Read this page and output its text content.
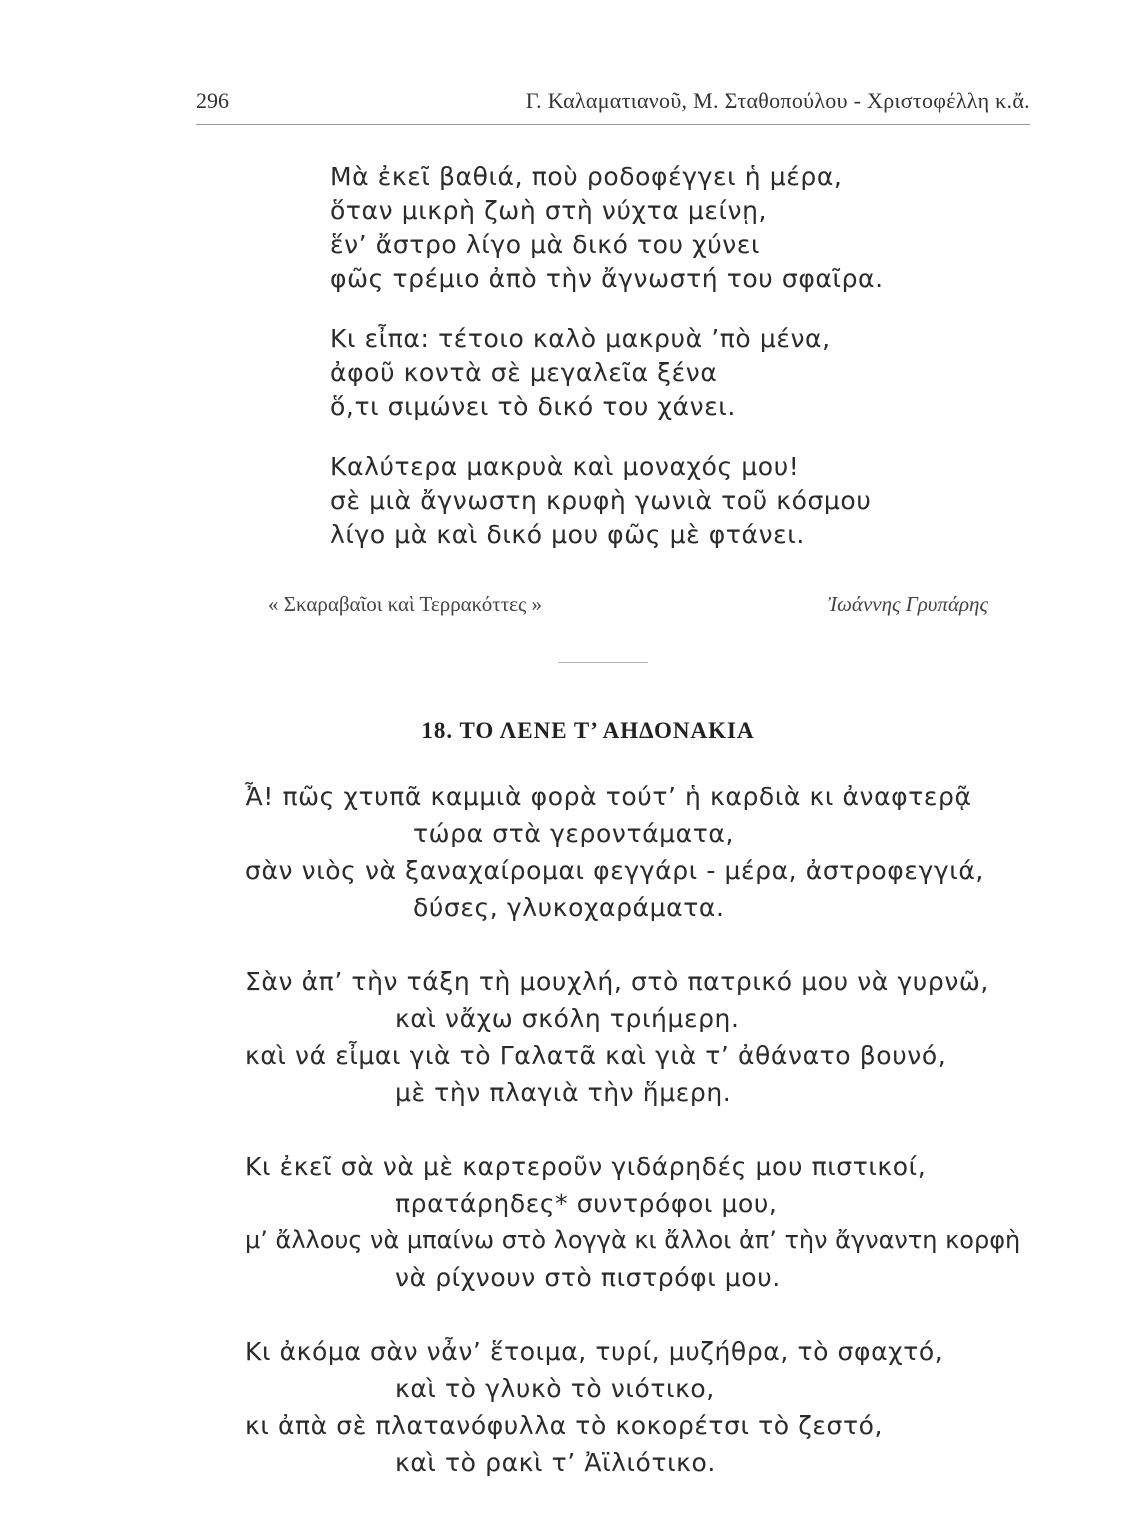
296	Γ. Καλαματιανοῦ, Μ. Σταθοπούλου - Χριστοφέλλη κ.ἄ.
Μὰ ἐκεῖ βαθιά, ποὺ ροδοφέγγει ἡ μέρα,
ὅταν μικρὴ ζωὴ στὴ νύχτα μείνῃ,
ἕν’ ἄστρο λίγο μὰ δικό του χύνει
φῶς τρέμιο ἀπὸ τὴν ἄγνωστή του σφαῖρα.
Κι εἶπα: τέτοιο καλὸ μακρυὰ ’πὸ μένα,
ἀφοῦ κοντὰ σὲ μεγαλεῖα ξένα
ὅ,τι σιμώνει τὸ δικό του χάνει.
Καλύτερα μακρυὰ καὶ μοναχός μου!
σὲ μιὰ ἄγνωστη κρυφὴ γωνιὰ τοῦ κόσμου
λίγο μὰ καὶ δικό μου φῶς μὲ φτάνει.
« Σκαραβαῖοι καὶ Τερρακόττες »	Ἰωάννης Γρυπάρης
18. ΤΟ ΛΕΝΕ Τ’ ΑΗΔΟΝΑΚΙΑ
Ἆ! πῶς χτυπᾶ καμμιὰ φορὰ τούτ’ ἡ καρδιὰ κι ἀναφτερᾷ
τώρα στὰ γεροντάματα,
σὰν νιὸς νὰ ξαναχαίρομαι φεγγάρι - μέρα, ἀστροφεγγιά,
δύσες, γλυκοχαράματα.
Σὰν ἀπ’ τὴν τάξη τὴ μουχλή, στὸ πατρικό μου νὰ γυρνῶ,
καὶ νἄχω σκόλη τριήμερη.
καὶ νά εἶμαι γιὰ τὸ Γαλατᾶ καὶ γιὰ τ’ ἀθάνατο βουνό,
μὲ τὴν πλαγιὰ τὴν ἥμερη.
Κι ἐκεῖ σὰ νὰ μὲ καρτεροῦν γιδάρηδές μου πιστικοί,
πρατάρηδες* συντρόφοι μου,
μ’ ἄλλους νὰ μπαίνω στὸ λογγὰ κι ἄλλοι ἀπ’ τὴν ἄγναντη κορφὴ
νὰ ρίχνουν στὸ πιστρόφι μου.
Κι ἀκόμα σὰν νἆν’ ἕτοιμα, τυρί, μυζήθρα, τὸ σφαχτό,
καὶ τὸ γλυκὸ τὸ νιότικο,
κι ἀπὰ σὲ πλατανόφυλλα τὸ κοκορέτσι τὸ ζεστό,
καὶ τὸ ρακὶ τ’ Ἀϊλιότικο.
